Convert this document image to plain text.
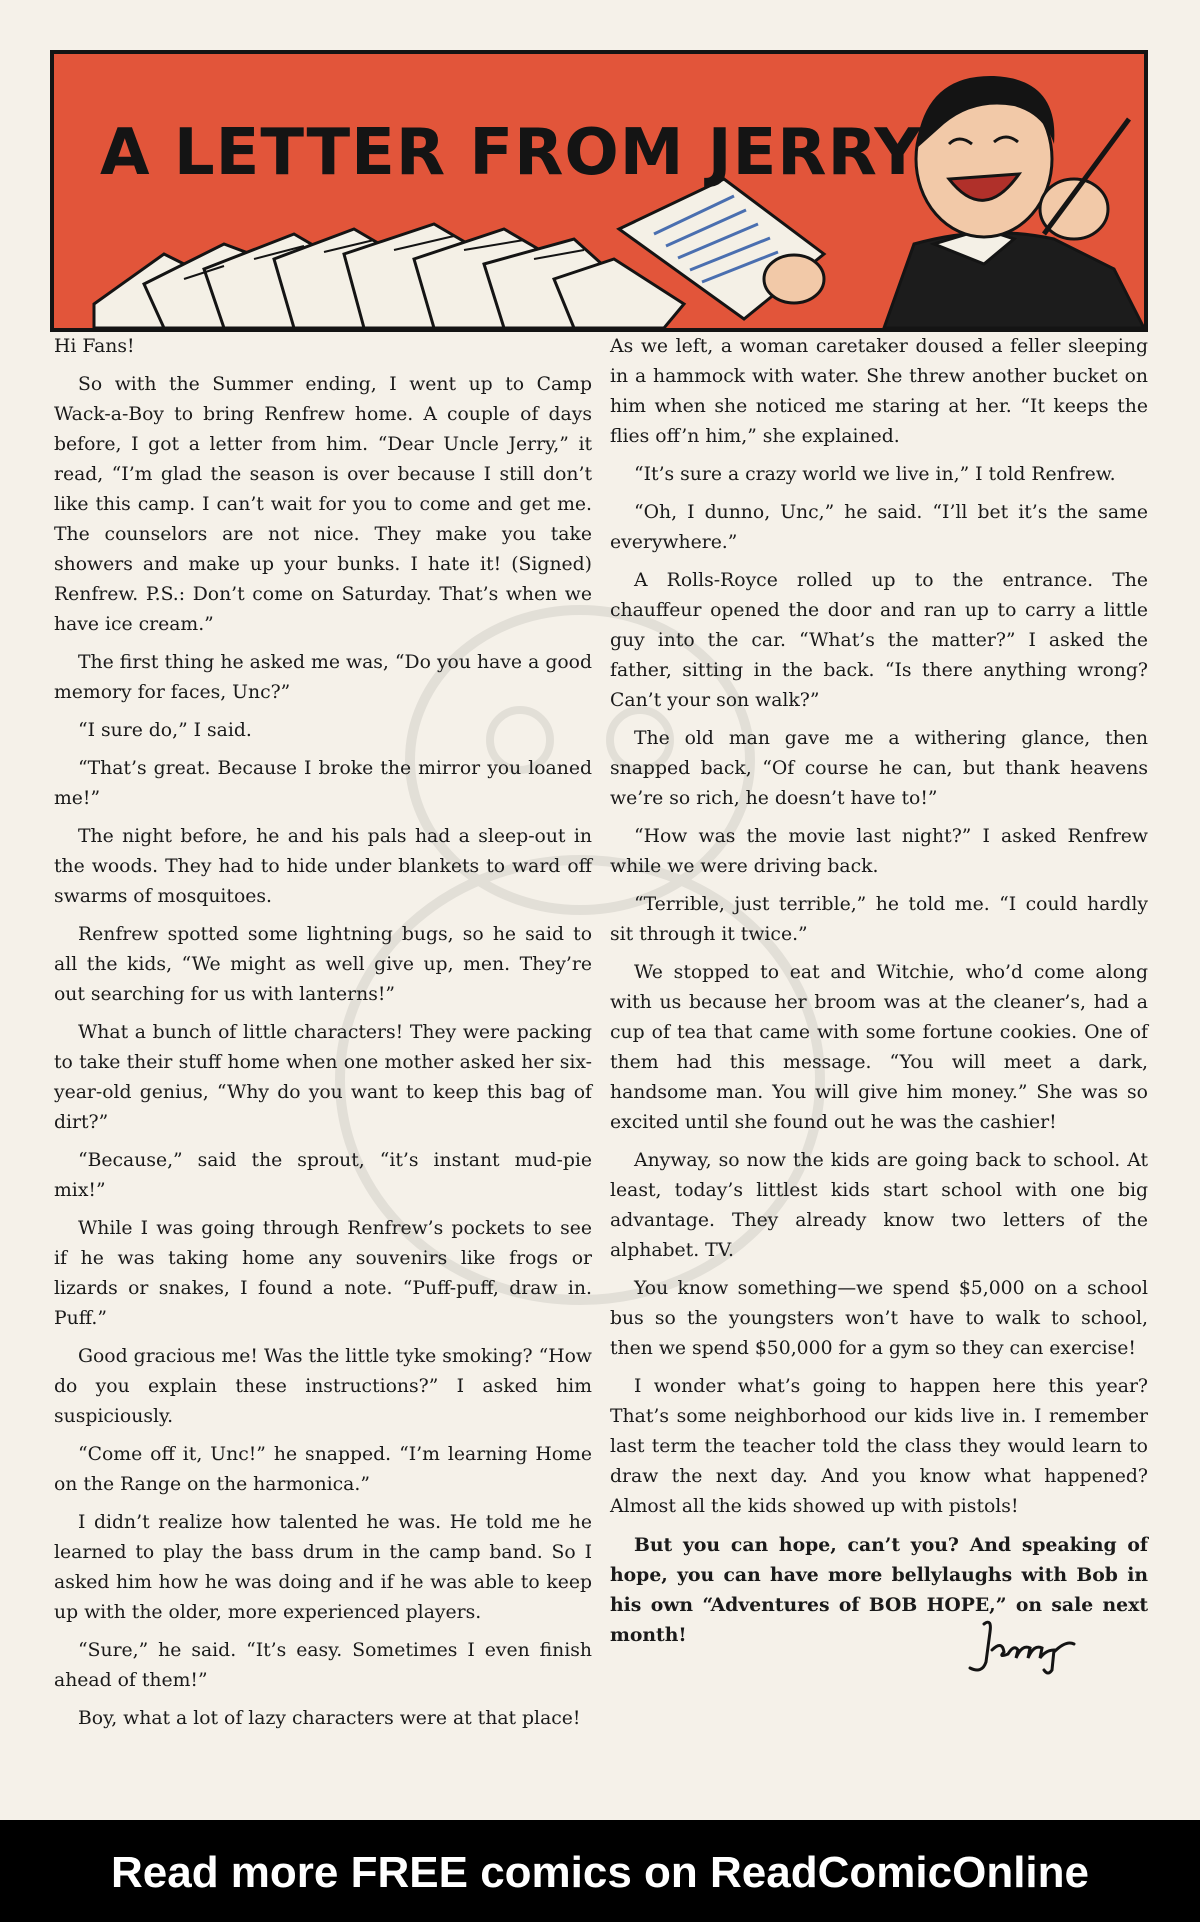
A LETTER FROM JERRY

Hi Fans!

So with the Summer ending, I went up to Camp Wack-a-Boy to bring Renfrew home. A couple of days before, I got a letter from him. “Dear Uncle Jerry,” it read, “I’m glad the season is over because I still don’t like this camp. I can’t wait for you to come and get me. The counselors are not nice. They make you take showers and make up your bunks. I hate it! (Signed) Renfrew. P.S.: Don’t come on Saturday. That’s when we have ice cream.”

The first thing he asked me was, “Do you have a good memory for faces, Unc?”

“I sure do,” I said.

“That’s great. Because I broke the mirror you loaned me!”

The night before, he and his pals had a sleep-out in the woods. They had to hide under blankets to ward off swarms of mosquitoes.

Renfrew spotted some lightning bugs, so he said to all the kids, “We might as well give up, men. They’re out searching for us with lanterns!”

What a bunch of little characters! They were packing to take their stuff home when one mother asked her six-year-old genius, “Why do you want to keep this bag of dirt?”

“Because,” said the sprout, “it’s instant mud-pie mix!”

While I was going through Renfrew’s pockets to see if he was taking home any souvenirs like frogs or lizards or snakes, I found a note. “Puff-puff, draw in. Puff.”

Good gracious me! Was the little tyke smoking? “How do you explain these instructions?” I asked him suspiciously.

“Come off it, Unc!” he snapped. “I’m learning Home on the Range on the harmonica.”

I didn’t realize how talented he was. He told me he learned to play the bass drum in the camp band. So I asked him how he was doing and if he was able to keep up with the older, more experienced players.

“Sure,” he said. “It’s easy. Sometimes I even finish ahead of them!”

Boy, what a lot of lazy characters were at that place!

As we left, a woman caretaker doused a feller sleeping in a hammock with water. She threw another bucket on him when she noticed me staring at her. “It keeps the flies off’n him,” she explained.

“It’s sure a crazy world we live in,” I told Renfrew.

“Oh, I dunno, Unc,” he said. “I’ll bet it’s the same everywhere.”

A Rolls-Royce rolled up to the entrance. The chauffeur opened the door and ran up to carry a little guy into the car. “What’s the matter?” I asked the father, sitting in the back. “Is there anything wrong? Can’t your son walk?”

The old man gave me a withering glance, then snapped back, “Of course he can, but thank heavens we’re so rich, he doesn’t have to!”

“How was the movie last night?” I asked Renfrew while we were driving back.

“Terrible, just terrible,” he told me. “I could hardly sit through it twice.”

We stopped to eat and Witchie, who’d come along with us because her broom was at the cleaner’s, had a cup of tea that came with some fortune cookies. One of them had this message. “You will meet a dark, handsome man. You will give him money.” She was so excited until she found out he was the cashier!

Anyway, so now the kids are going back to school. At least, today’s littlest kids start school with one big advantage. They already know two letters of the alphabet. TV.

You know something—we spend $5,000 on a school bus so the youngsters won’t have to walk to school, then we spend $50,000 for a gym so they can exercise!

I wonder what’s going to happen here this year? That’s some neighborhood our kids live in. I remember last term the teacher told the class they would learn to draw the next day. And you know what happened? Almost all the kids showed up with pistols!

But you can hope, can’t you? And speaking of hope, you can have more bellylaughs with Bob in his own “Adventures of BOB HOPE,” on sale next month!

Read more FREE comics on ReadComicOnline
